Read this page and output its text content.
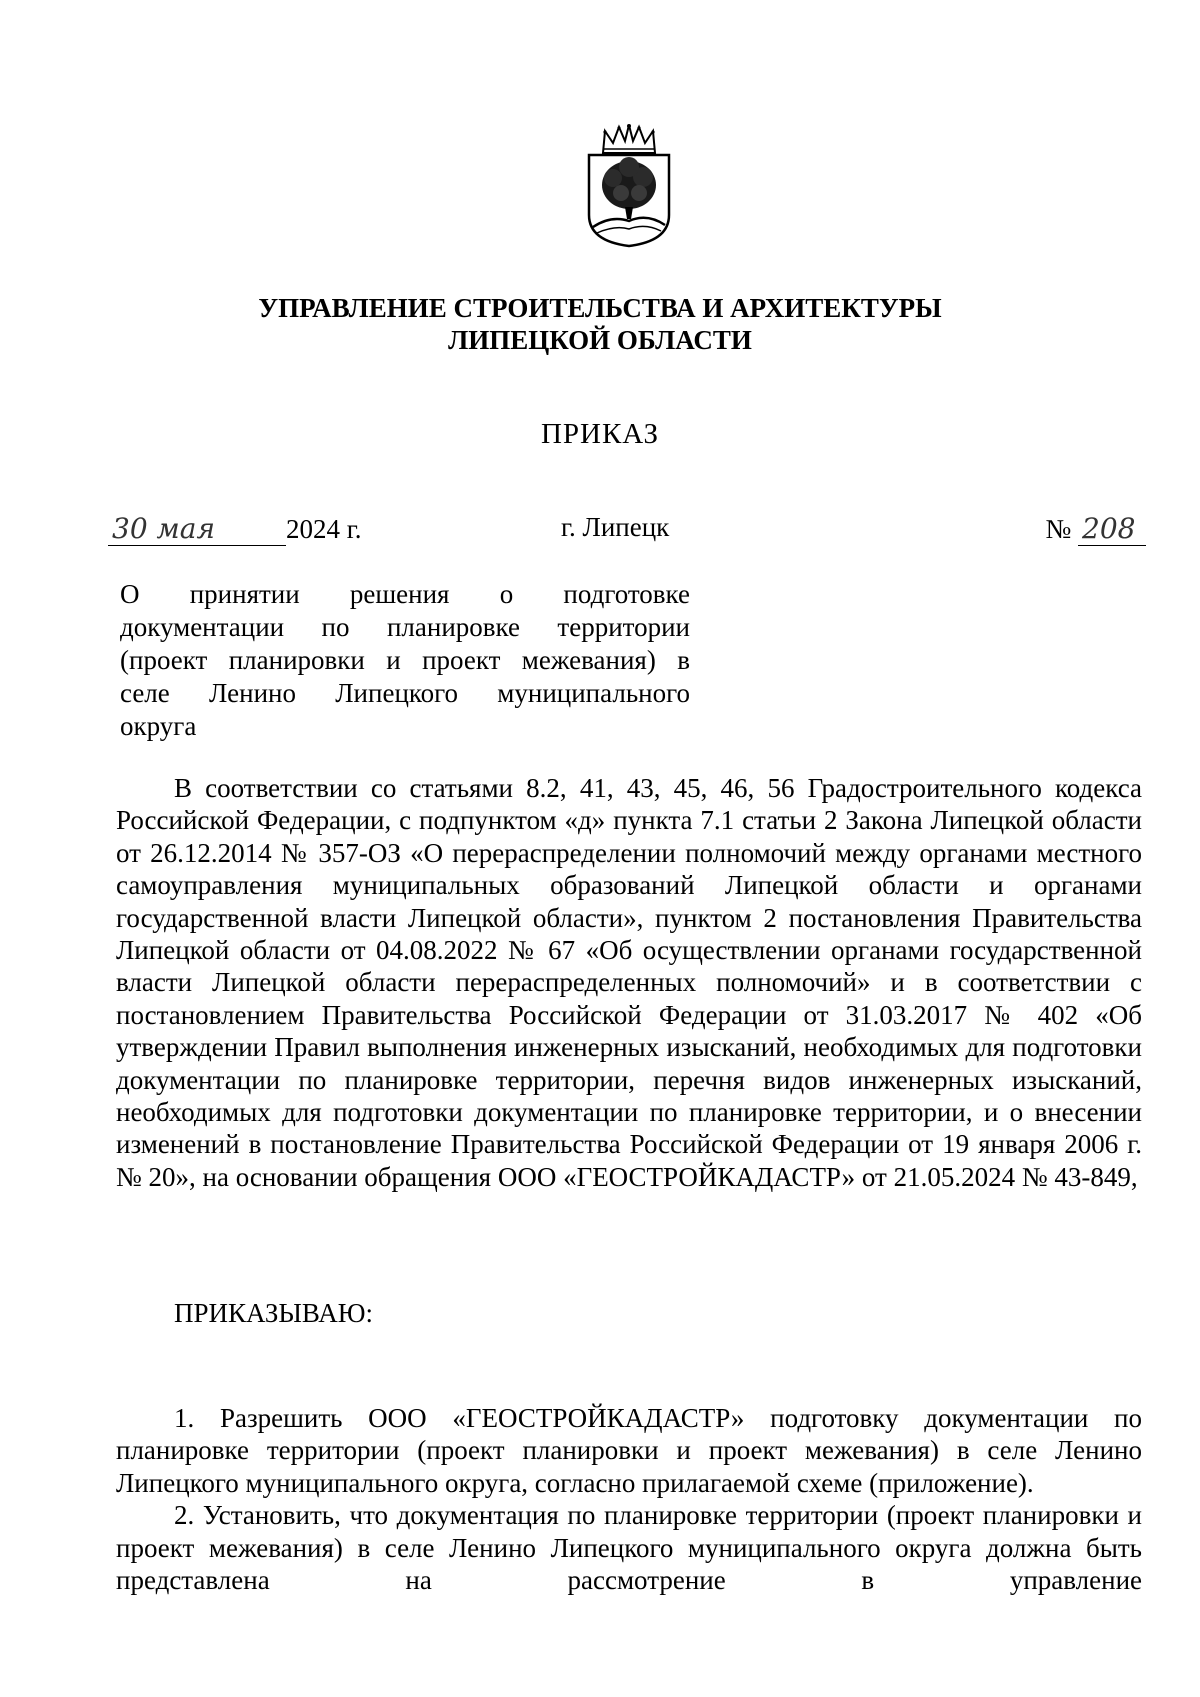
УПРАВЛЕНИЕ СТРОИТЕЛЬСТВА И АРХИТЕКТУРЫ
ЛИПЕЦКОЙ ОБЛАСТИ
ПРИКАЗ
30 мая	2024 г.	г. Липецк	№ 208
О принятии решения о подготовке
документации по планировке территории
(проект планировки и проект межевания) в
селе Ленино Липецкого муниципального
округа
В соответствии со статьями 8.2, 41, 43, 45, 46, 56 Градостроительного кодекса Российской Федерации, с подпунктом «д» пункта 7.1 статьи 2 Закона Липецкой области от 26.12.2014 № 357-ОЗ «О перераспределении полномочий между органами местного самоуправления муниципальных образований Липецкой области и органами государственной власти Липецкой области», пунктом 2 постановления Правительства Липецкой области от 04.08.2022 № 67 «Об осуществлении органами государственной власти Липецкой области перераспределенных полномочий» и в соответствии с постановлением Правительства Российской Федерации от 31.03.2017 № 402 «Об утверждении Правил выполнения инженерных изысканий, необходимых для подготовки документации по планировке территории, перечня видов инженерных изысканий, необходимых для подготовки документации по планировке территории, и о внесении изменений в постановление Правительства Российской Федерации от 19 января 2006 г. № 20», на основании обращения ООО «ГЕОСТРОЙКАДАСТР» от 21.05.2024 № 43-849,
ПРИКАЗЫВАЮ:

1. Разрешить ООО «ГЕОСТРОЙКАДАСТР» подготовку документации по планировке территории (проект планировки и проект межевания) в селе Ленино Липецкого муниципального округа, согласно прилагаемой схеме (приложение).

2. Установить, что документация по планировке территории (проект планировки и проект межевания) в селе Ленино Липецкого муниципального округа должна быть представлена на рассмотрение в управление
